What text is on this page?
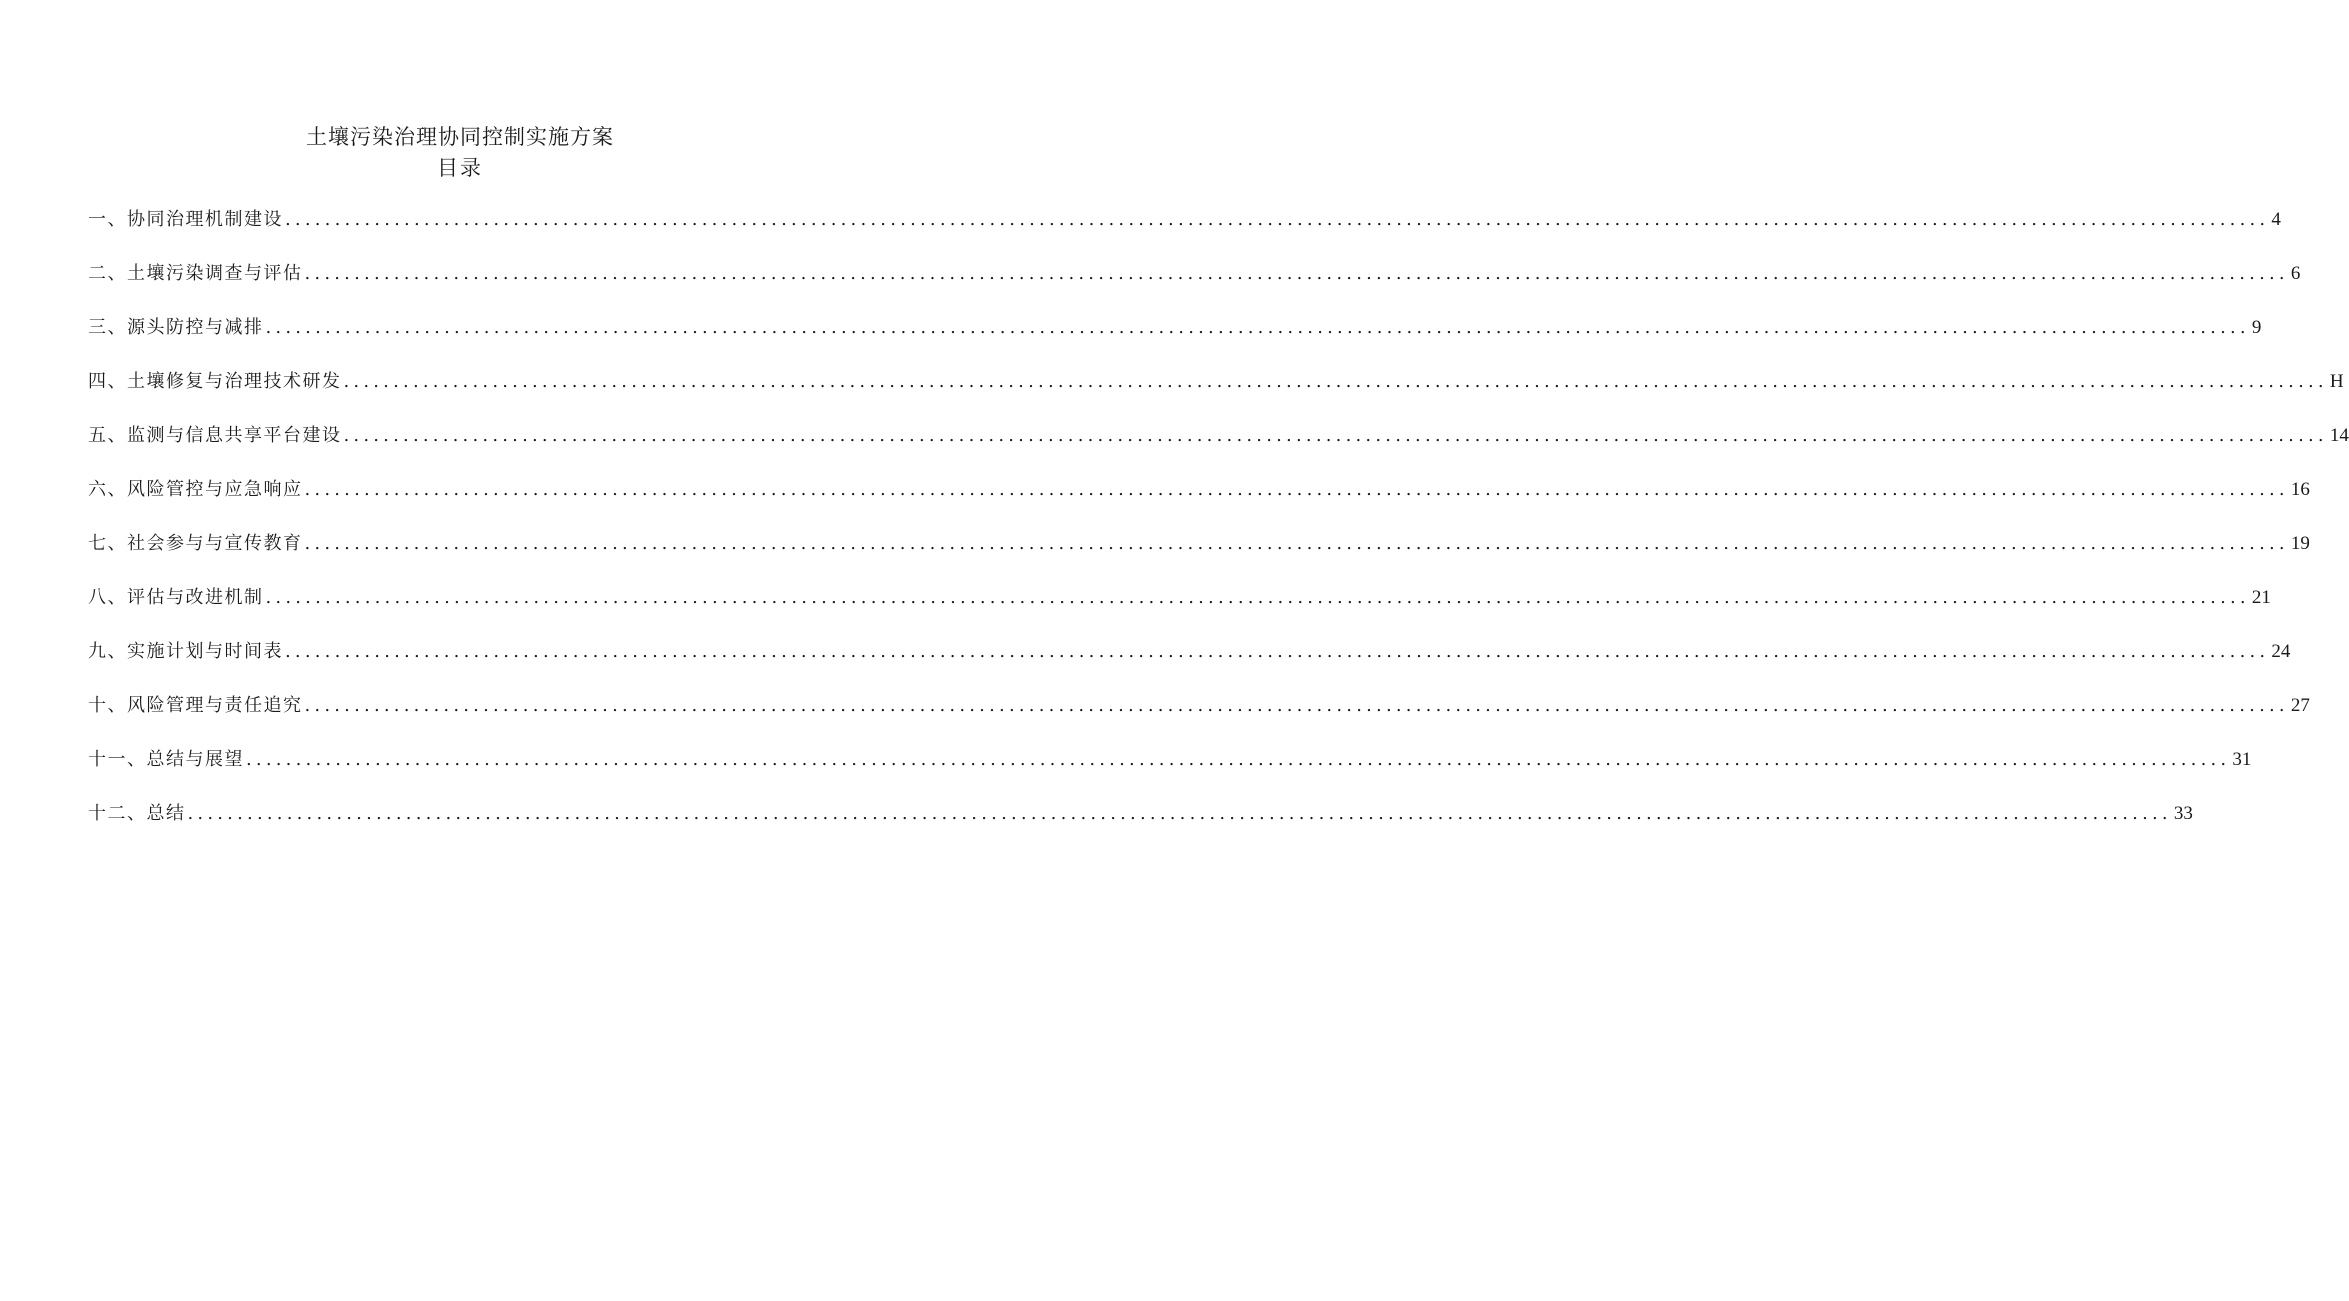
土壤污染治理协同控制实施方案
目录
一、协同治理机制建设 ........................................................................................................................................................................................................ 4
二、土壤污染调查与评估 ........................................................................................................................................................................................................ 6
三、源头防控与减排 ........................................................................................................................................................................................................ 9
四、土壤修复与治理技术研发 ........................................................................................................................................................................................................ H
五、监测与信息共享平台建设 ........................................................................................................................................................................................................ 14
六、风险管控与应急响应 ........................................................................................................................................................................................................ 16
七、社会参与与宣传教育 ........................................................................................................................................................................................................ 19
八、评估与改进机制 ........................................................................................................................................................................................................ 21
九、实施计划与时间表 ........................................................................................................................................................................................................ 24
十、风险管理与责任追究 ........................................................................................................................................................................................................ 27
十一、总结与展望 ........................................................................................................................................................................................................ 31
十二、总结 ........................................................................................................................................................................................................ 33
